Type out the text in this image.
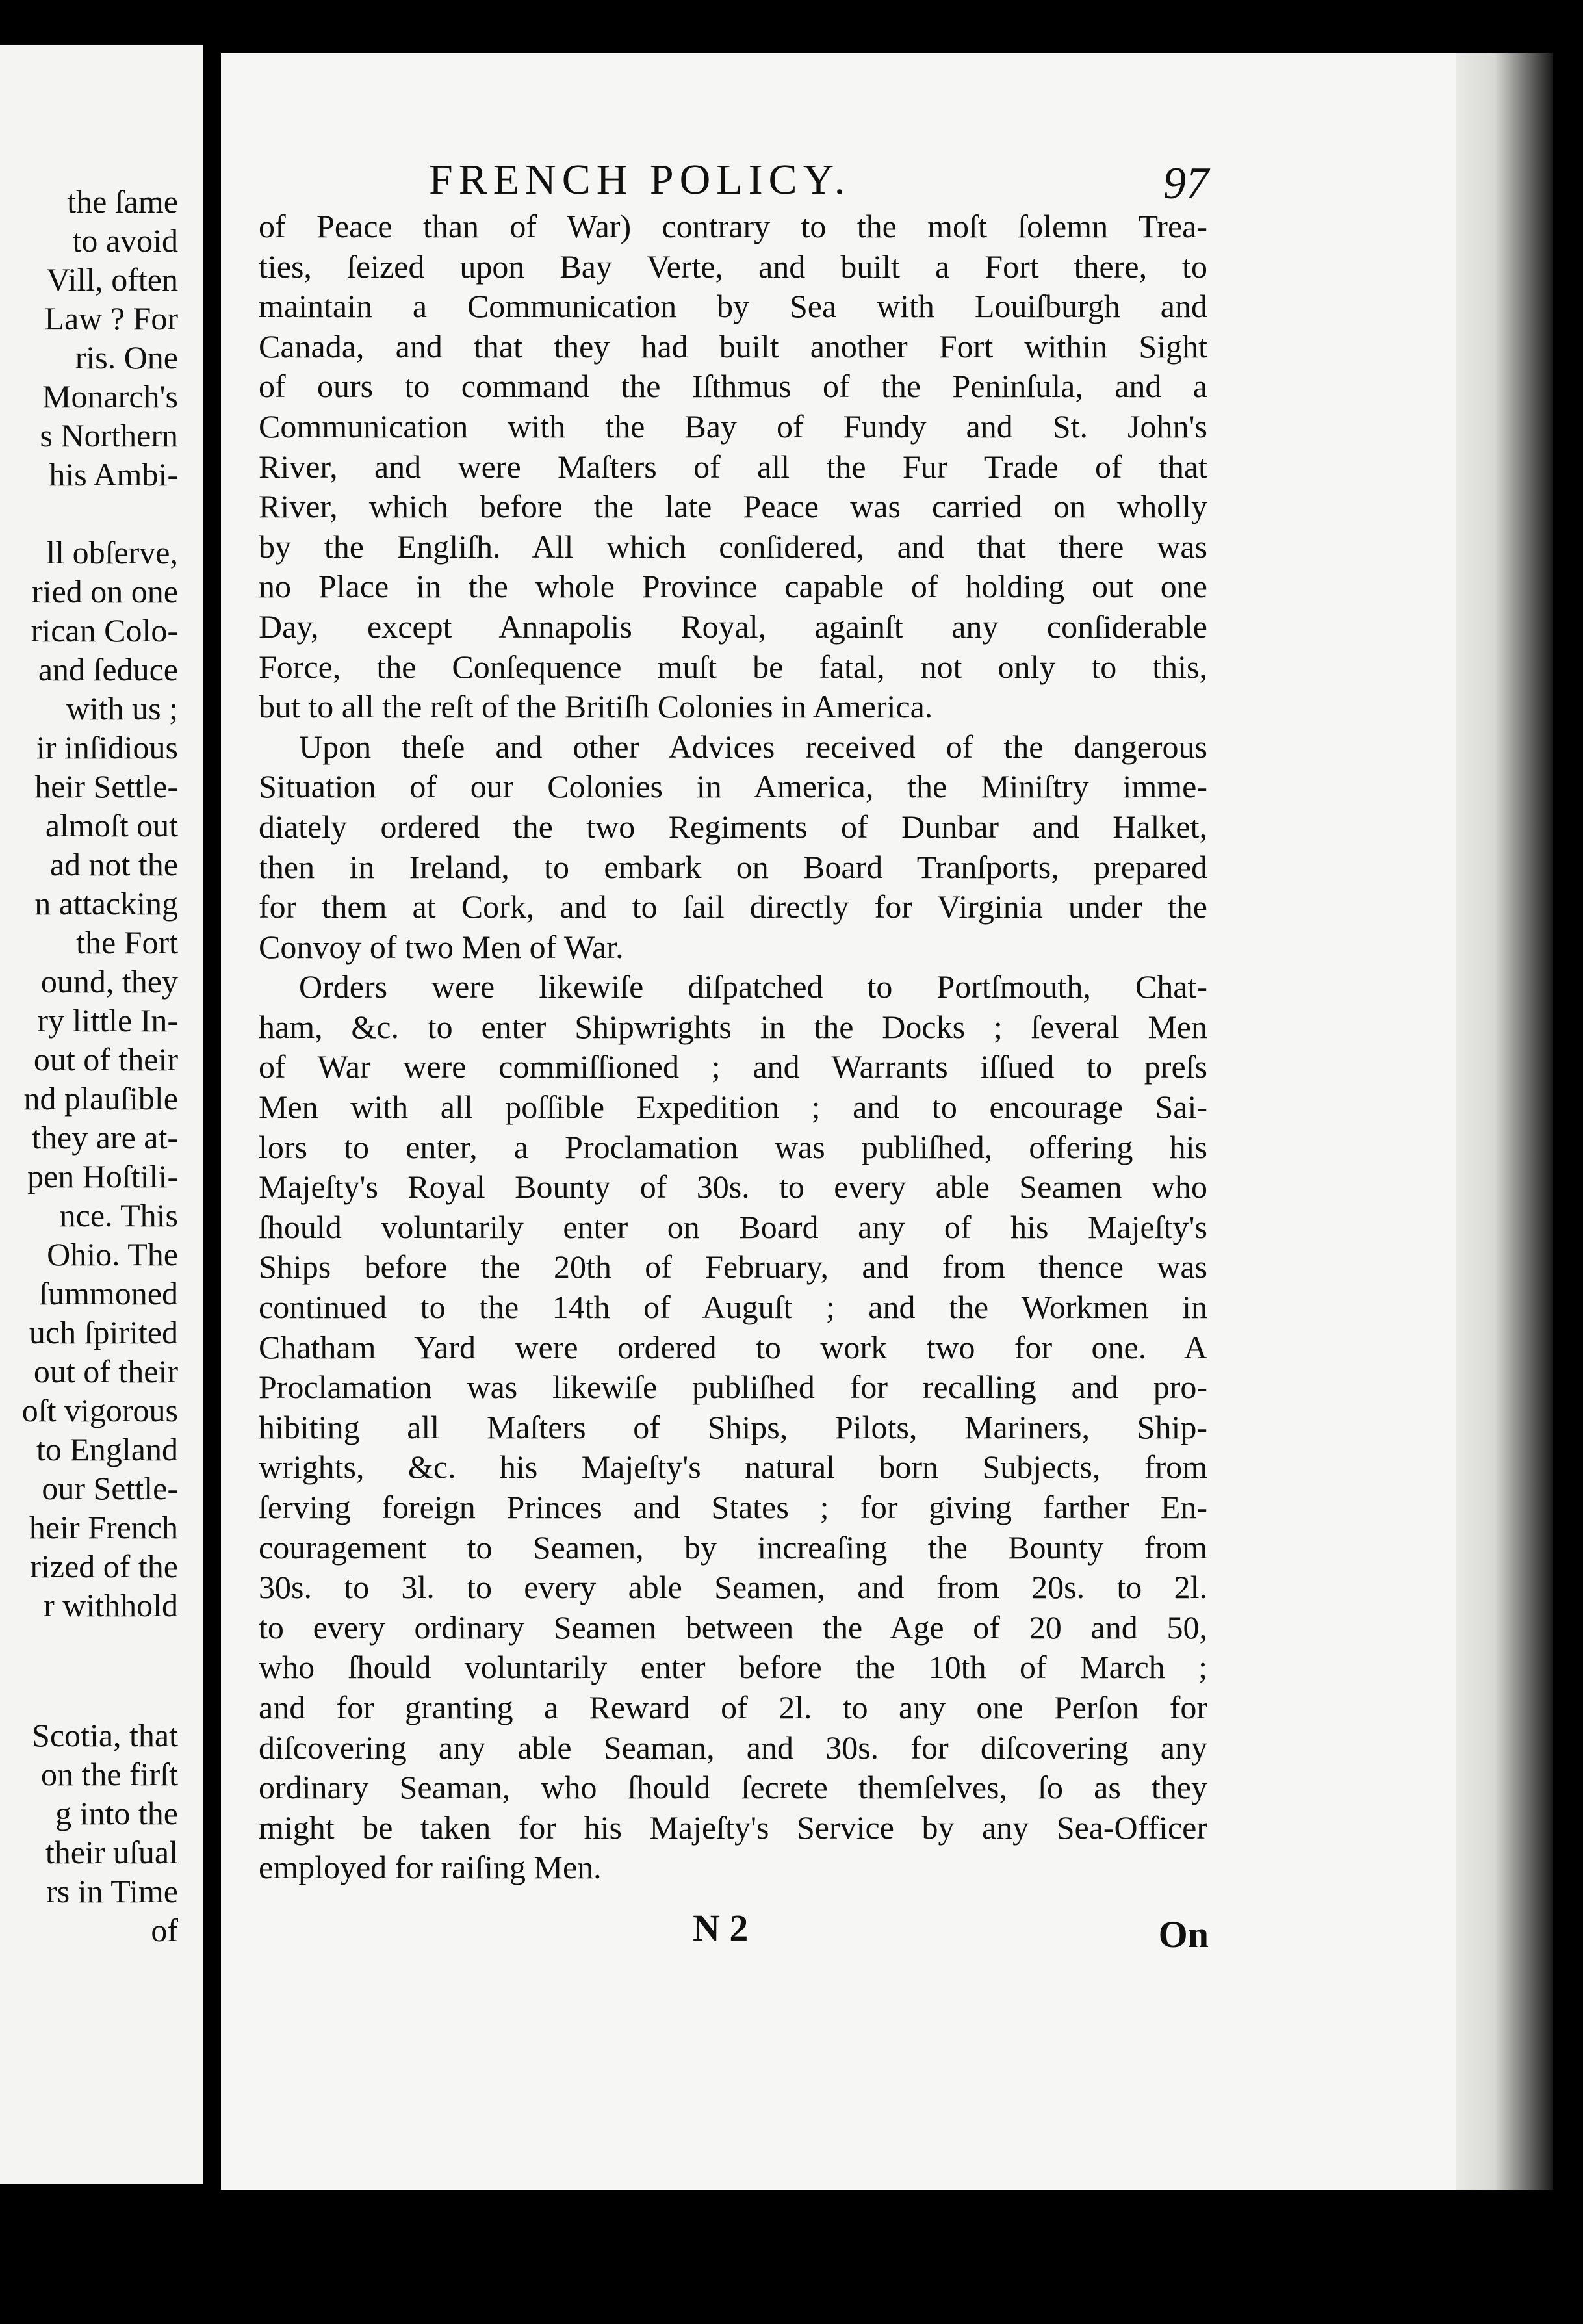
the ſame
to avoid
Vill, often
Law ? For
ris. One
Monarch's
s Northern
his Ambi-
ll obſerve,
ried on one
rican Colo-
and ſeduce
with us ;
ir inſidious
heir Settle-
almoſt out
ad not the
n attacking
the Fort
ound, they
ry little In-
out of their
nd plauſible
they are at-
pen Hoſtili-
nce. This
Ohio. The
ſummoned
uch ſpirited
out of their
oſt vigorous
to England
our Settle-
heir French
rized of the
r withhold
Scotia, that
on the firſt
g into the
their uſual
rs in Time
of
FRENCH POLICY.	97
of Peace than of War) contrary to the moſt ſolemn Trea-
ties, ſeized upon Bay Verte, and built a Fort there, to
maintain a Communication by Sea with Louiſburgh and
Canada, and that they had built another Fort within Sight
of ours to command the Iſthmus of the Peninſula, and a
Communication with the Bay of Fundy and St. John's
River, and were Maſters of all the Fur Trade of that
River, which before the late Peace was carried on wholly
by the Engliſh. All which conſidered, and that there was
no Place in the whole Province capable of holding out one
Day, except Annapolis Royal, againſt any conſiderable
Force, the Conſequence muſt be fatal, not only to this,
but to all the reſt of the Britiſh Colonies in America.
Upon theſe and other Advices received of the dangerous
Situation of our Colonies in America, the Miniſtry imme-
diately ordered the two Regiments of Dunbar and Halket,
then in Ireland, to embark on Board Tranſports, prepared
for them at Cork, and to ſail directly for Virginia under the
Convoy of two Men of War.
Orders were likewiſe diſpatched to Portſmouth, Chat-
ham, &c. to enter Shipwrights in the Docks ; ſeveral Men
of War were commiſſioned ; and Warrants iſſued to preſs
Men with all poſſible Expedition ; and to encourage Sai-
lors to enter, a Proclamation was publiſhed, offering his
Majeſty's Royal Bounty of 30s. to every able Seamen who
ſhould voluntarily enter on Board any of his Majeſty's
Ships before the 20th of February, and from thence was
continued to the 14th of Auguſt ; and the Workmen in
Chatham Yard were ordered to work two for one. A
Proclamation was likewiſe publiſhed for recalling and pro-
hibiting all Maſters of Ships, Pilots, Mariners, Ship-
wrights, &c. his Majeſty's natural born Subjects, from
ſerving foreign Princes and States ; for giving farther En-
couragement to Seamen, by increaſing the Bounty from
30s. to 3l. to every able Seamen, and from 20s. to 2l.
to every ordinary Seamen between the Age of 20 and 50,
who ſhould voluntarily enter before the 10th of March ;
and for granting a Reward of 2l. to any one Perſon for
diſcovering any able Seaman, and 30s. for diſcovering any
ordinary Seaman, who ſhould ſecrete themſelves, ſo as they
might be taken for his Majeſty's Service by any Sea-Officer
employed for raiſing Men.
N 2	On
